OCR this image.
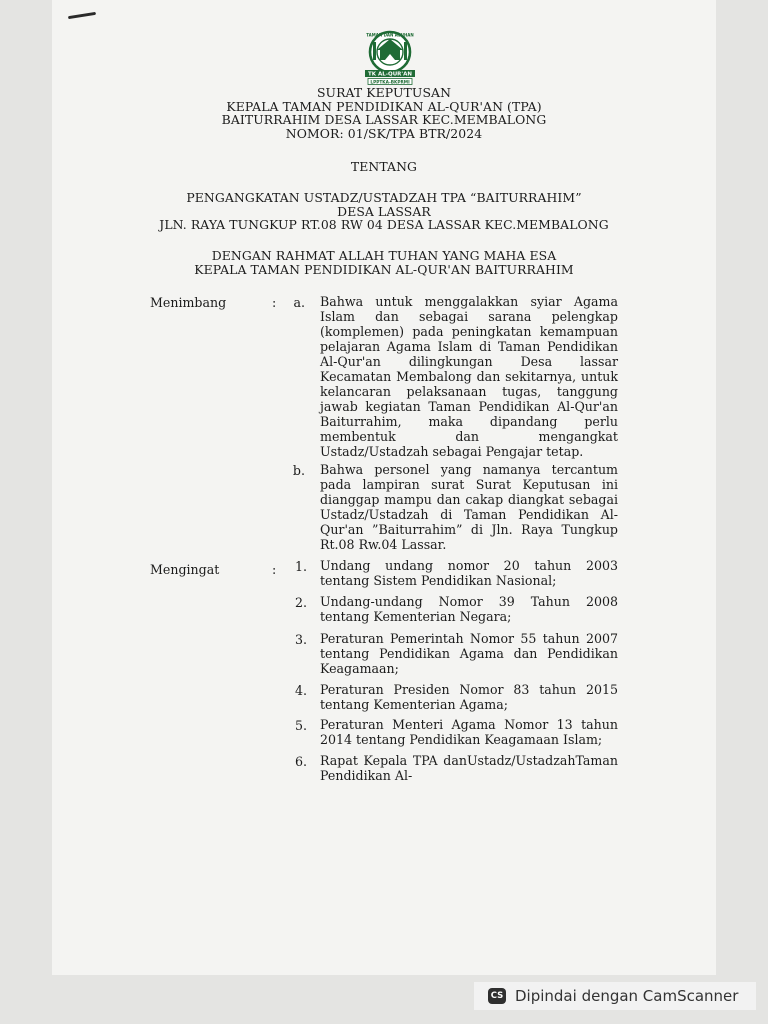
TAMAN DAN ASUHAN
TK AL-QUR'AN
LPPTKA-BKPRMI
SURAT KEPUTUSAN
KEPALA TAMAN PENDIDIKAN AL-QUR'AN (TPA)
BAITURRAHIM DESA LASSAR KEC.MEMBALONG
NOMOR: 01/SK/TPA BTR/2024
TENTANG
PENGANGKATAN USTADZ/USTADZAH TPA “BAITURRAHIM”
DESA LASSAR
JLN. RAYA TUNGKUP RT.08 RW 04 DESA LASSAR KEC.MEMBALONG
DENGAN RAHMAT ALLAH TUHAN YANG MAHA ESA
KEPALA TAMAN PENDIDIKAN AL-QUR'AN BAITURRAHIM
Menimbang	:	a. Bahwa untuk menggalakkan syiar Agama Islam dan sebagai sarana pelengkap (komplemen) pada peningkatan kemampuan pelajaran Agama Islam di Taman Pendidikan Al-Qur'an dilingkungan Desa lassar Kecamatan Membalong dan sekitarnya, untuk kelancaran pelaksanaan tugas, tanggung jawab kegiatan Taman Pendidikan Al-Qur'an Baiturrahim, maka dipandang perlu membentuk dan mengangkat Ustadz/Ustadzah sebagai Pengajar tetap.
b. Bahwa personel yang namanya tercantum pada lampiran surat Surat Keputusan ini dianggap mampu dan cakap diangkat sebagai Ustadz/Ustadzah di Taman Pendidikan Al-Qur'an ”Baiturrahim” di Jln. Raya Tungkup Rt.08 Rw.04 Lassar.
Mengingat	:	1. Undang undang nomor 20 tahun 2003 tentang Sistem Pendidikan Nasional;
2. Undang-undang Nomor 39 Tahun 2008 tentang Kementerian Negara;
3. Peraturan Pemerintah Nomor 55 tahun 2007 tentang Pendidikan Agama dan Pendidikan Keagamaan;
4. Peraturan Presiden Nomor 83 tahun 2015 tentang Kementerian Agama;
5. Peraturan Menteri Agama Nomor 13 tahun 2014 tentang Pendidikan Keagamaan Islam;
6. Rapat Kepala TPA danUstadz/UstadzahTaman Pendidikan Al-
CS Dipindai dengan CamScanner
